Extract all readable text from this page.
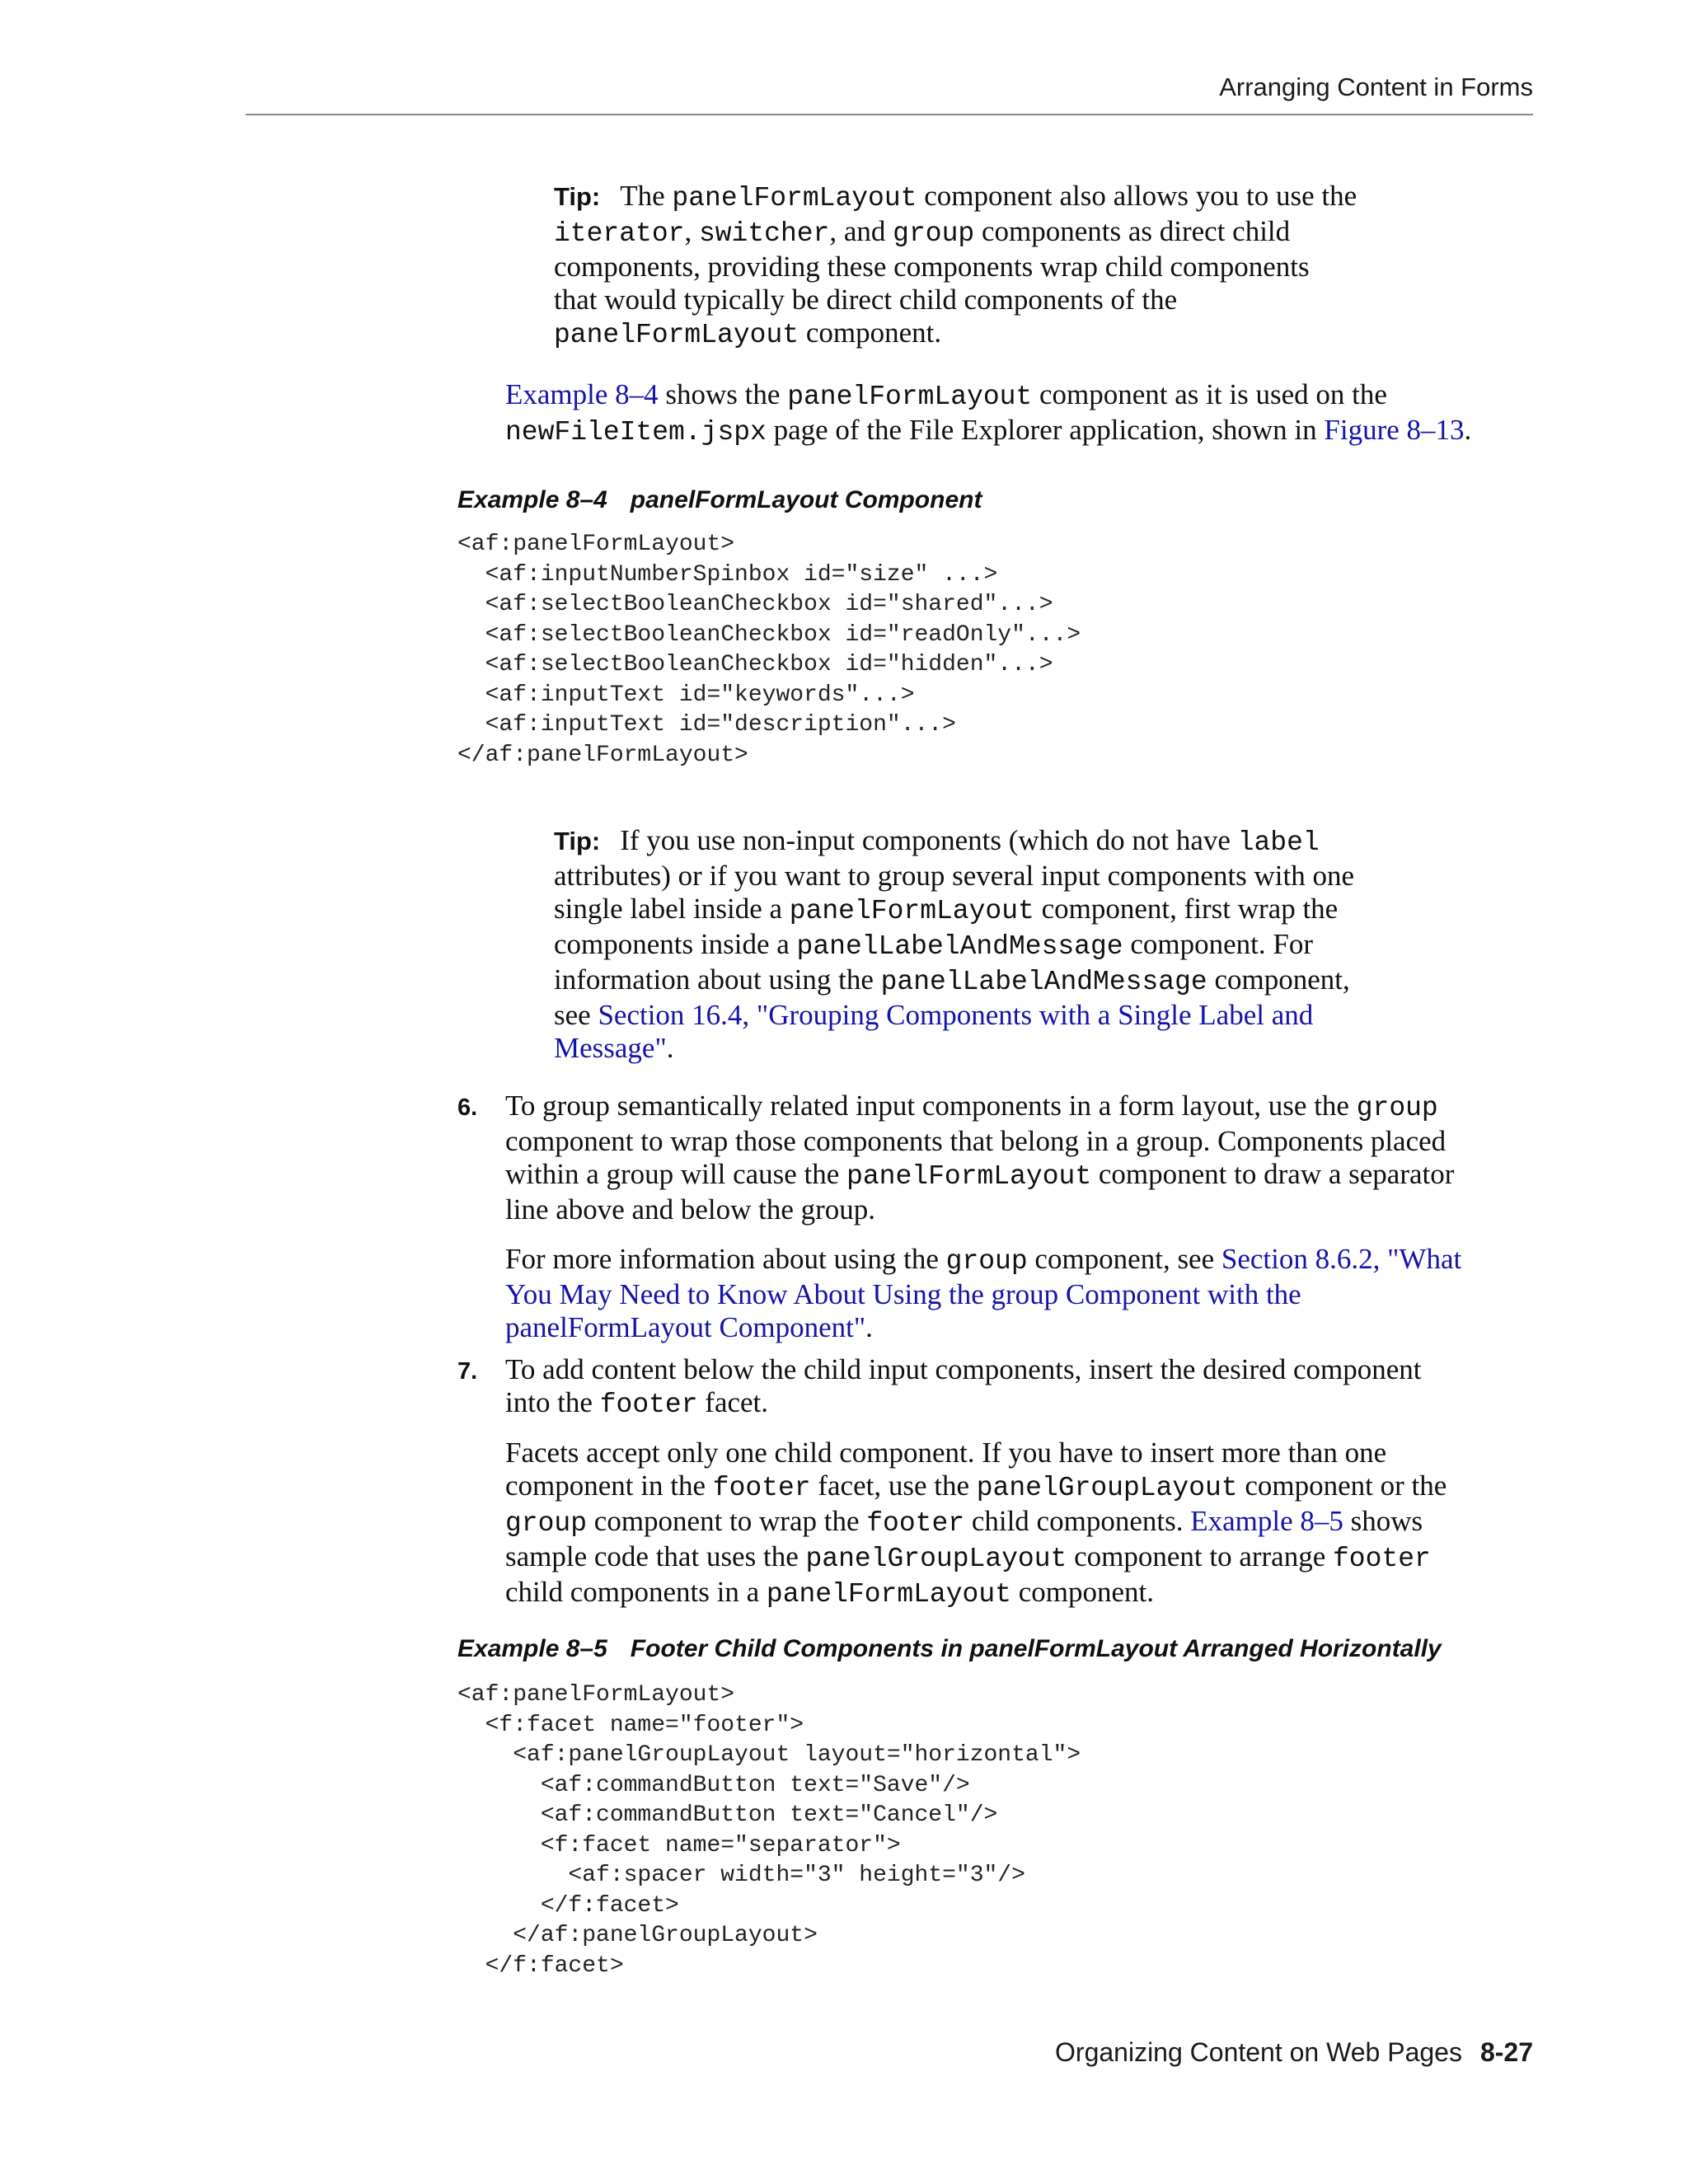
Arranging Content in Forms

Tip: The panelFormLayout component also allows you to use the

iterator, switcher, and group components as direct child

components, providing these components wrap child components

that would typically be direct child components of the

panelFormLayout component.

Example 8–4 shows the panelFormLayout component as it is used on the

newFileItem.jspx page of the File Explorer application, shown in Figure 8–13.

Example 8–4 panelFormLayout Component
<af:panelFormLayout>
<af:inputNumberSpinbox id="size" ...>
<af:selectBooleanCheckbox id="shared"...>
<af:selectBooleanCheckbox id="readOnly"...>
<af:selectBooleanCheckbox id="hidden"...>
<af:inputText id="keywords"...>
<af:inputText id="description"...>
</af:panelFormLayout>

Tip: If you use non-input components (which do not have label

attributes) or if you want to group several input components with one

single label inside a panelFormLayout component, first wrap the

components inside a panelLabelAndMessage component. For

information about using the panelLabelAndMessage component,

see Section 16.4, "Grouping Components with a Single Label and

Message".

6. To group semantically related input components in a form layout, use the group

component to wrap those components that belong in a group. Components placed

within a group will cause the panelFormLayout component to draw a separator

line above and below the group.

For more information about using the group component, see Section 8.6.2, "What

You May Need to Know About Using the group Component with the

panelFormLayout Component".

7. To add content below the child input components, insert the desired component

into the footer facet.

Facets accept only one child component. If you have to insert more than one

component in the footer facet, use the panelGroupLayout component or the

group component to wrap the footer child components. Example 8–5 shows

sample code that uses the panelGroupLayout component to arrange footer

child components in a panelFormLayout component.

Example 8–5 Footer Child Components in panelFormLayout Arranged Horizontally
<af:panelFormLayout>
<f:facet name="footer">
<af:panelGroupLayout layout="horizontal">
<af:commandButton text="Save"/>
<af:commandButton text="Cancel"/>
<f:facet name="separator">
<af:spacer width="3" height="3"/>
</f:facet>
</af:panelGroupLayout>
</f:facet>
Organizing Content on Web Pages 8-27
